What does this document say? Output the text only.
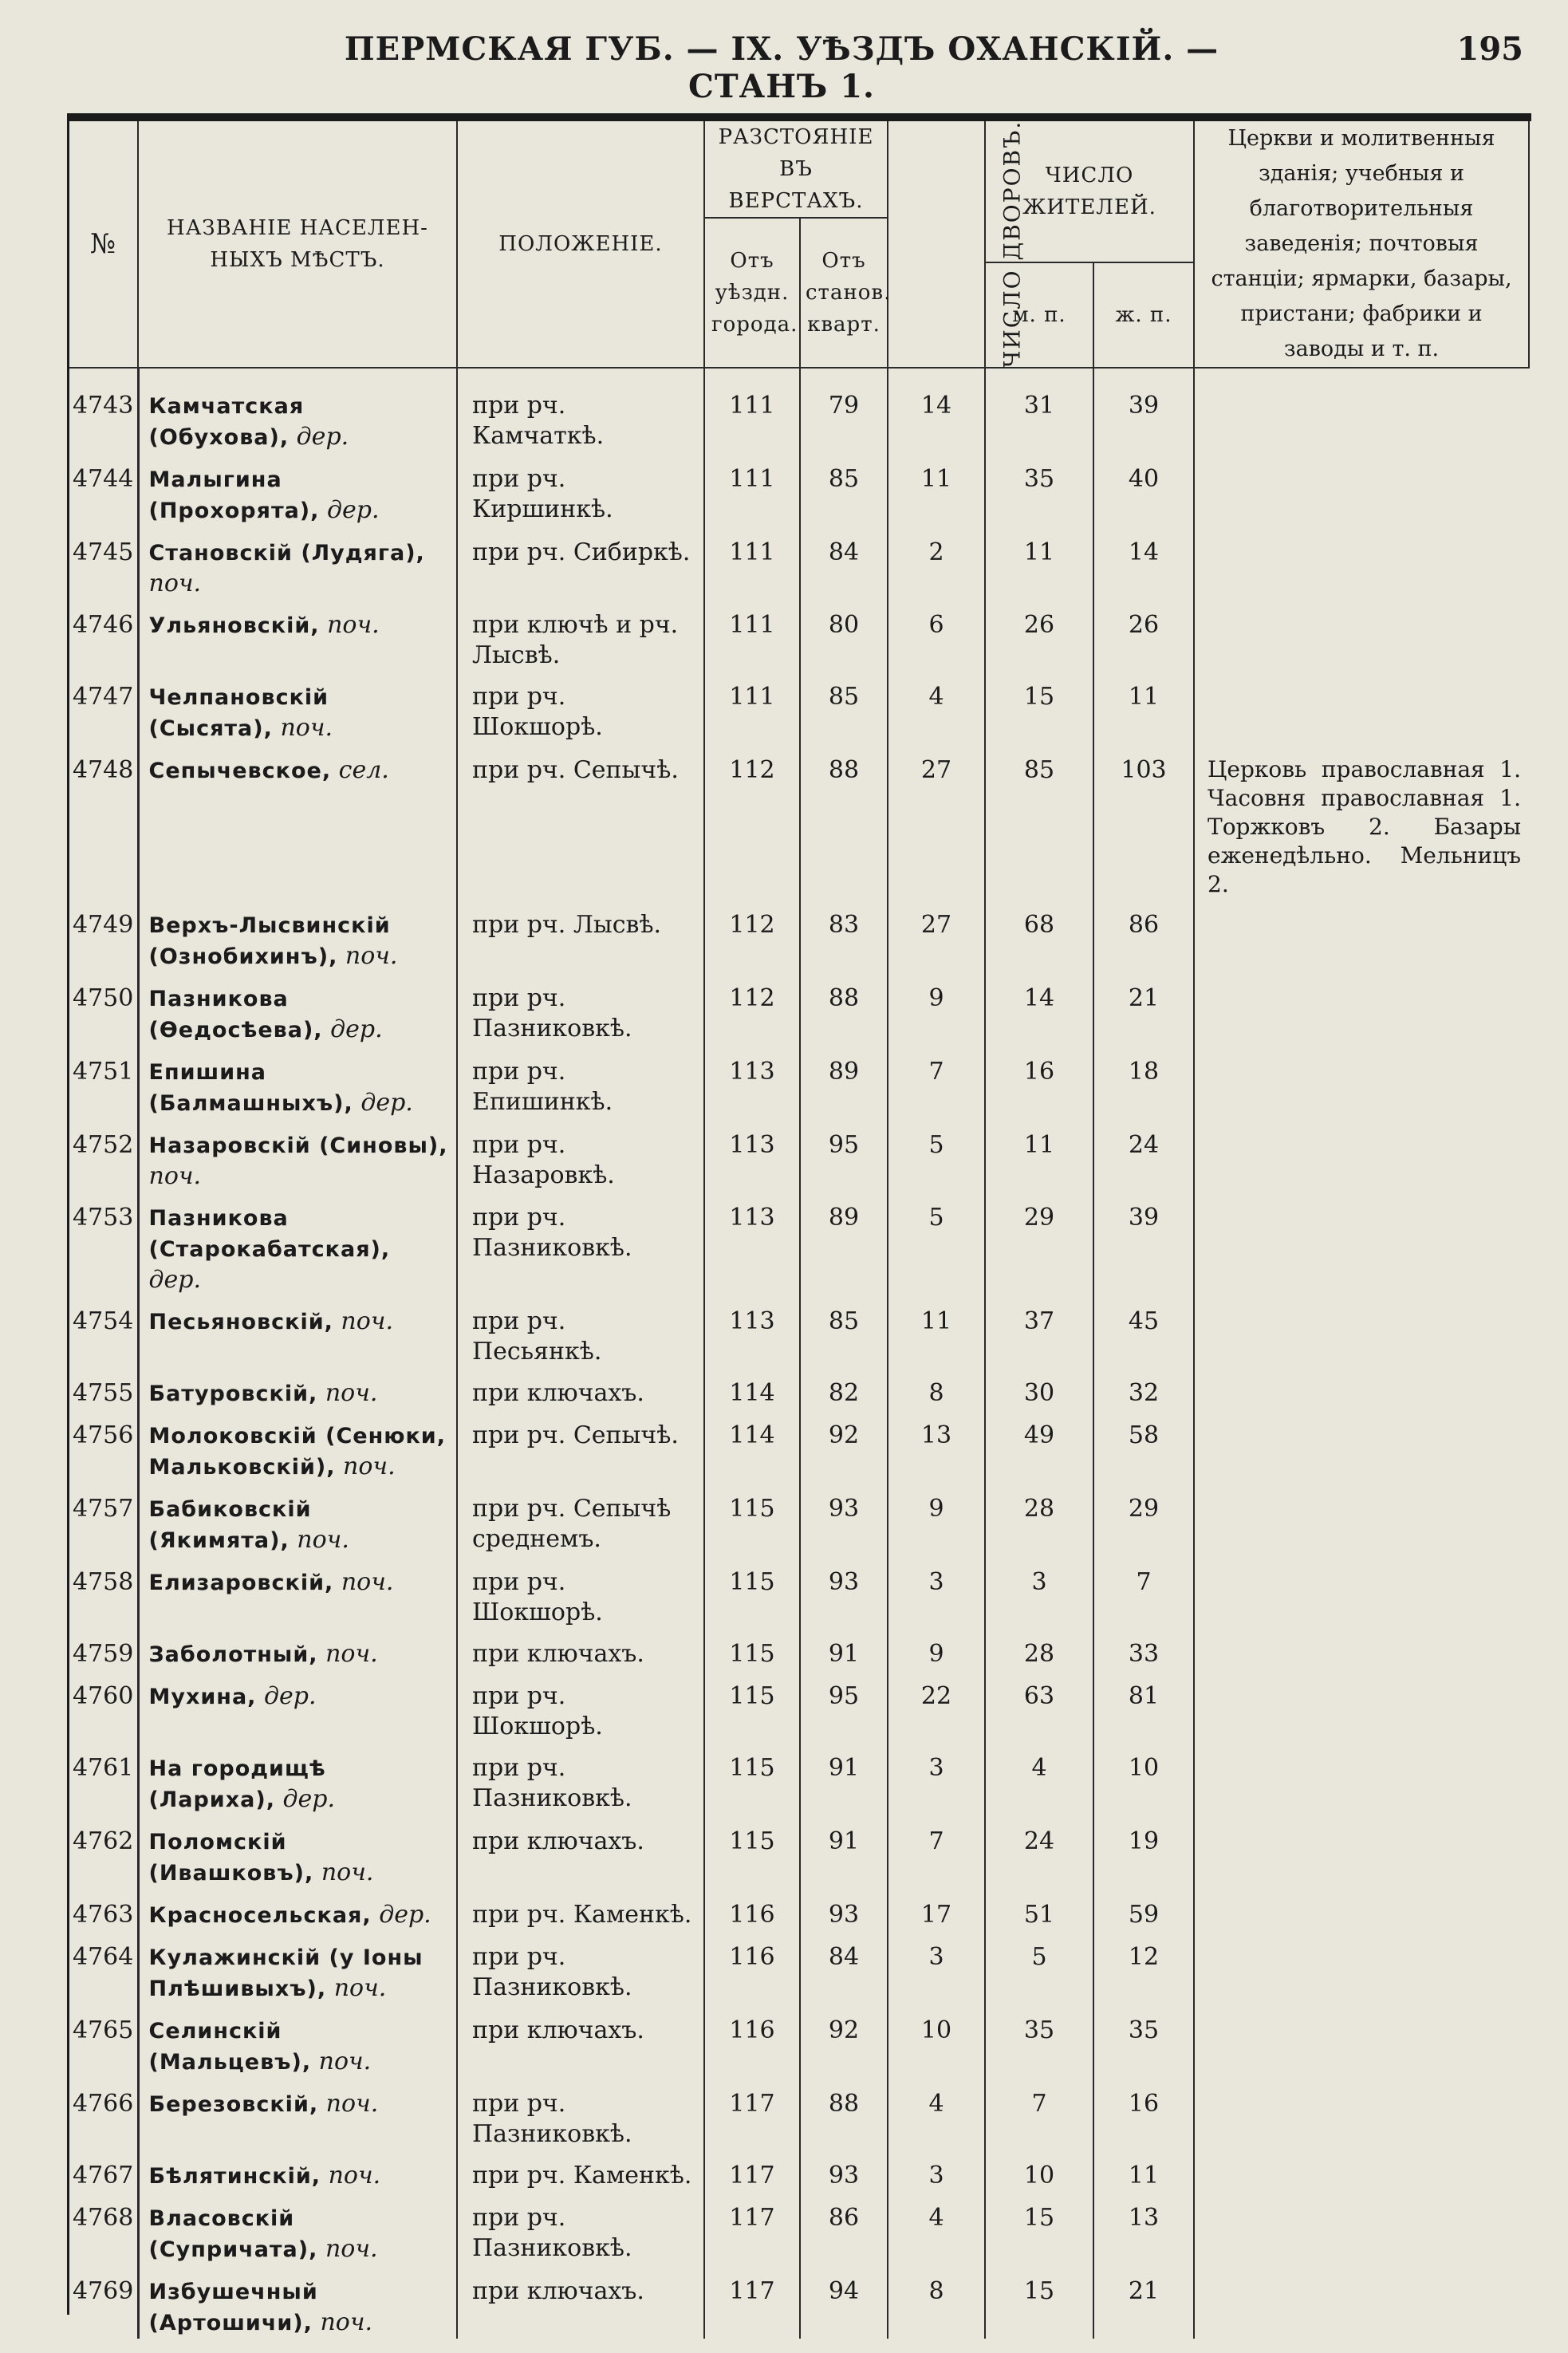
ПЕРМСКАЯ ГУБ. — IX. УѢЗДЪ ОХАНСКІЙ. — СТАНЪ 1.
195
№	НАЗВАНІЕ НАСЕЛЕН- НЫХЪ МѢСТЪ.	ПОЛОЖЕНІЕ.	РАЗСТОЯНІЕ ВЪ ВЕРСТАХЪ.		ЧИСЛО ДВОРОВЪ.	ЧИСЛО ЖИТЕЛЕЙ.		Церкви и молитвенныя зданія; учебныя и благотворительныя заведенія; почтовыя станціи; ярмарки, базары, пристани; фабрики и заводы и т. п.
			Отъ уѣздн. города.	Отъ станов. кварт.				
						м. п.	ж. п.	
4743	Камчатская (Обухова), дер.	при рч. Камчаткѣ.	111	79	14	31	39	
4744	Малыгина (Прохорята), дер.	при рч. Киршинкѣ.	111	85	11	35	40	
4745	Становскій (Лудяга), поч.	при рч. Сибиркѣ.	111	84	2	11	14	
4746	Ульяновскій, поч.	при ключѣ и рч. Лысвѣ.	111	80	6	26	26	
4747	Челпановскій (Сысята), поч.	при рч. Шокшорѣ.	111	85	4	15	11	
4748	Сепычевское, сел.	при рч. Сепычѣ.	112	88	27	85	103	Церковь православная 1. Часовня православная 1. Торжковъ 2. Базары еженедѣльно. Мельницъ 2.
4749	Верхъ-Лысвинскій (Ознобихинъ), поч.	при рч. Лысвѣ.	112	83	27	68	86	
4750	Пазникова (Ѳедосѣева), дер.	при рч. Пазниковкѣ.	112	88	9	14	21	
4751	Епишина (Балмашныхъ), дер.	при рч. Епишинкѣ.	113	89	7	16	18	
4752	Назаровскій (Синовы), поч.	при рч. Назаровкѣ.	113	95	5	11	24	
4753	Пазникова (Старокабатская), дер.	при рч. Пазниковкѣ.	113	89	5	29	39	
4754	Песьяновскій, поч.	при рч. Песьянкѣ.	113	85	11	37	45	
4755	Батуровскій, поч.	при ключахъ.	114	82	8	30	32	
4756	Молоковскій (Сенюки, Мальковскій), поч.	при рч. Сепычѣ.	114	92	13	49	58	
4757	Бабиковскій (Якимята), поч.	при рч. Сепычѣ среднемъ.	115	93	9	28	29	
4758	Елизаровскій, поч.	при рч. Шокшорѣ.	115	93	3	3	7	
4759	Заболотный, поч.	при ключахъ.	115	91	9	28	33	
4760	Мухина, дер.	при рч. Шокшорѣ.	115	95	22	63	81	
4761	На городищѣ (Лариха), дер.	при рч. Пазниковкѣ.	115	91	3	4	10	
4762	Поломскій (Ивашковъ), поч.	при ключахъ.	115	91	7	24	19	
4763	Красносельская, дер.	при рч. Каменкѣ.	116	93	17	51	59	
4764	Кулажинскій (у Іоны Плѣшивыхъ), поч.	при рч. Пазниковкѣ.	116	84	3	5	12	
4765	Селинскій (Мальцевъ), поч.	при ключахъ.	116	92	10	35	35	
4766	Березовскій, поч.	при рч. Пазниковкѣ.	117	88	4	7	16	
4767	Бѣлятинскій, поч.	при рч. Каменкѣ.	117	93	3	10	11	
4768	Власовскій (Супричата), поч.	при рч. Пазниковкѣ.	117	86	4	15	13	
4769	Избушечный (Артошичи), поч.	при ключахъ.	117	94	8	15	21	
